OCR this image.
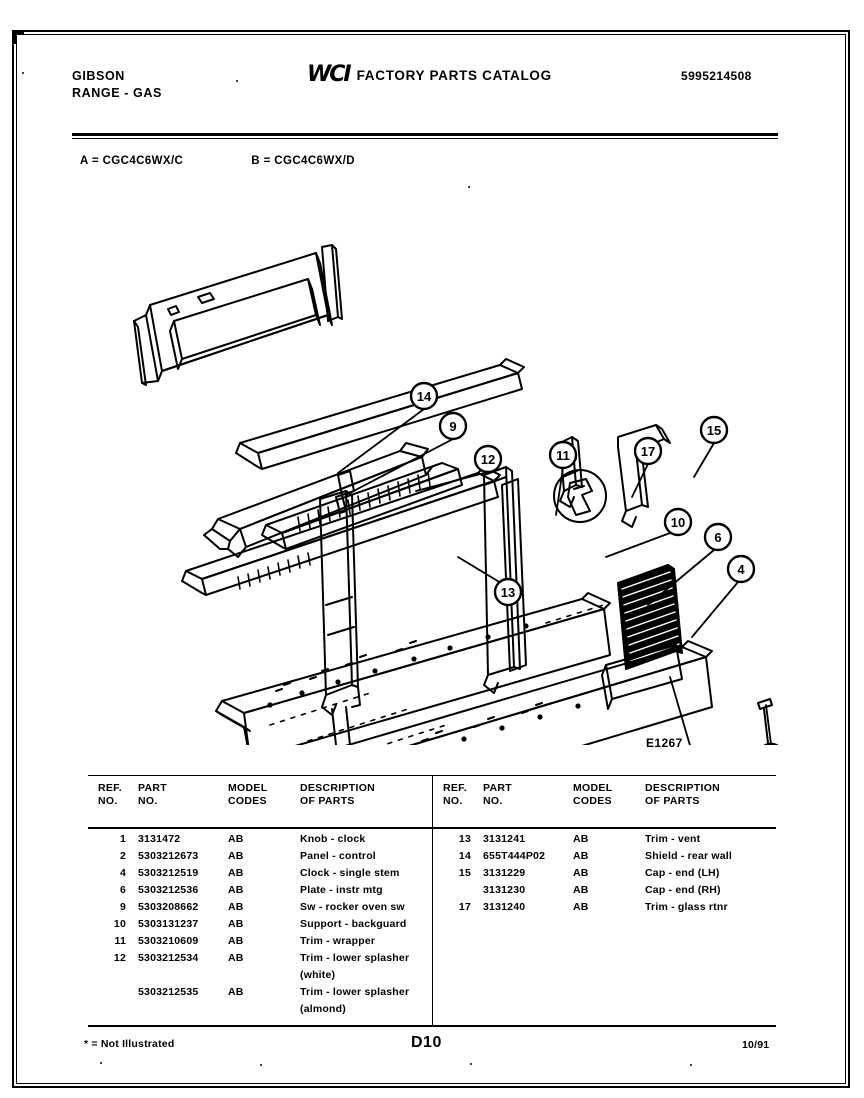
GIBSON
RANGE - GAS
WCI FACTORY PARTS CATALOG	5995214508
A = CGC4C6WX/C	B = CGC4C6WX/D
14
9
12	11	17
15
10
6
4
13
E1267
REF.
NO.
PART
NO.
MODEL
CODES
DESCRIPTION
OF PARTS
1 3131472	AB	Knob - clock
2 5303212673	AB	Panel - control
4 5303212519	AB	Clock - single stem
6 5303212536	AB	Plate - instr mtg
9 5303208662	AB	Sw - rocker oven sw
10 5303131237	AB	Support - backguard
11 5303210609	AB	Trim - wrapper
12 5303212534	AB	Trim - lower splasher
(white)
5303212535	AB	Trim - lower splasher
(almond)
REF.
NO.
PART
NO.
MODEL
CODES
DESCRIPTION
OF PARTS
13 3131241	AB	Trim - vent
14 655T444P02	AB	Shield - rear wall
15 3131229	AB	Cap - end (LH)
3131230	AB	Cap - end (RH)
17 3131240	AB	Trim - glass rtnr
* = Not Illustrated	D10	10/91
